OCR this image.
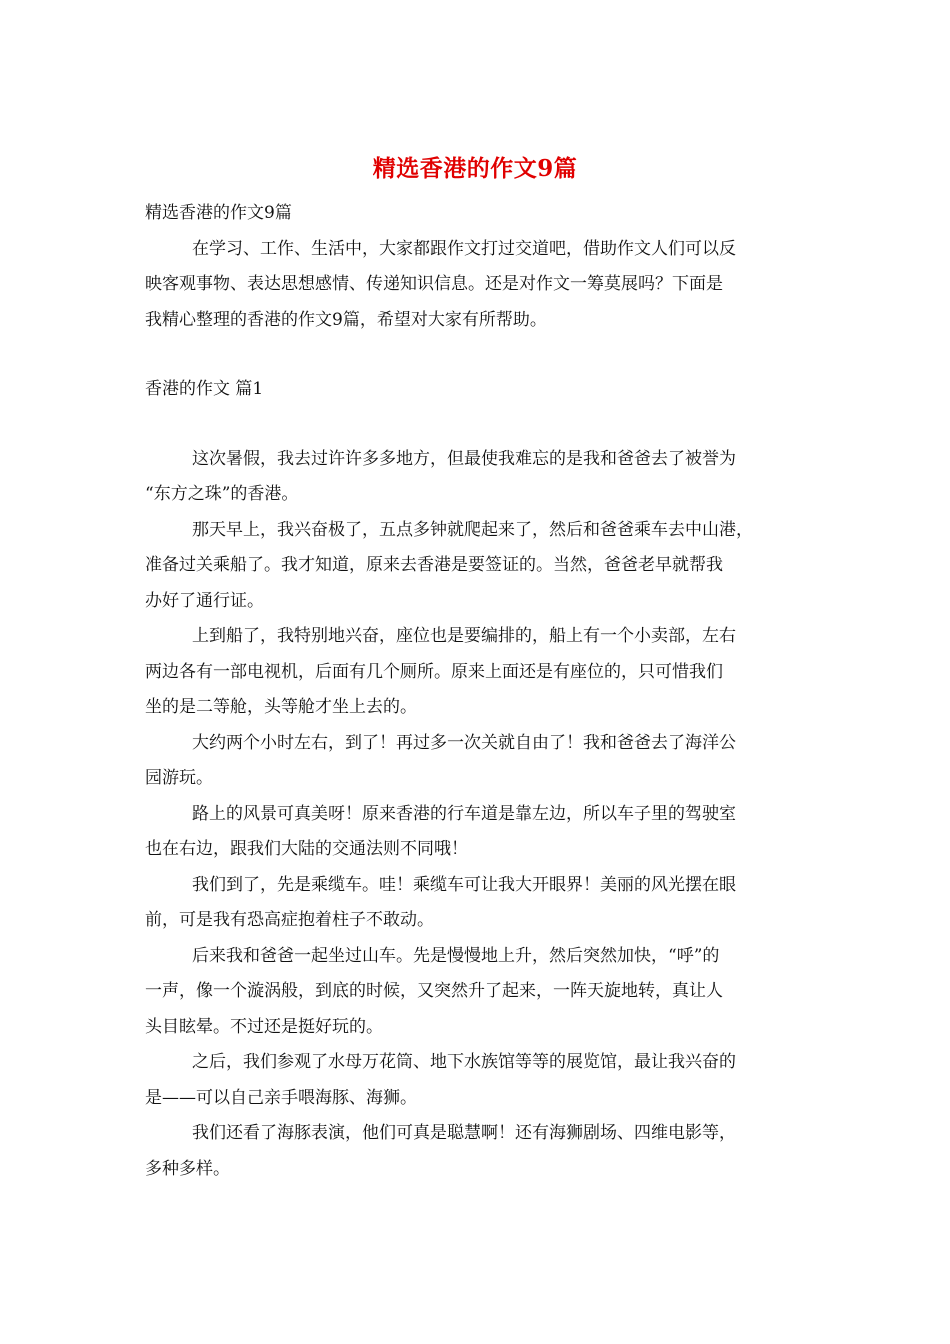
精选香港的作文9篇
精选香港的作文9篇
在学习、工作、生活中，大家都跟作文打过交道吧，借助作文人们可以反
映客观事物、表达思想感情、传递知识信息。还是对作文一筹莫展吗？下面是
我精心整理的香港的作文9篇，希望对大家有所帮助。
香港的作文 篇1
这次暑假，我去过许许多多地方，但最使我难忘的是我和爸爸去了被誉为
“东方之珠”的香港。
那天早上，我兴奋极了，五点多钟就爬起来了，然后和爸爸乘车去中山港，
准备过关乘船了。我才知道，原来去香港是要签证的。当然，爸爸老早就帮我
办好了通行证。
上到船了，我特别地兴奋，座位也是要编排的，船上有一个小卖部，左右
两边各有一部电视机，后面有几个厕所。原来上面还是有座位的，只可惜我们
坐的是二等舱，头等舱才坐上去的。
大约两个小时左右，到了！再过多一次关就自由了！我和爸爸去了海洋公
园游玩。
路上的风景可真美呀！原来香港的行车道是靠左边，所以车子里的驾驶室
也在右边，跟我们大陆的交通法则不同哦！
我们到了，先是乘缆车。哇！乘缆车可让我大开眼界！美丽的风光摆在眼
前，可是我有恐高症抱着柱子不敢动。
后来我和爸爸一起坐过山车。先是慢慢地上升，然后突然加快，“呼”的
一声，像一个漩涡般，到底的时候，又突然升了起来，一阵天旋地转，真让人
头目眩晕。不过还是挺好玩的。
之后，我们参观了水母万花筒、地下水族馆等等的展览馆，最让我兴奋的
是——可以自己亲手喂海豚、海狮。
我们还看了海豚表演，他们可真是聪慧啊！还有海狮剧场、四维电影等，
多种多样。
